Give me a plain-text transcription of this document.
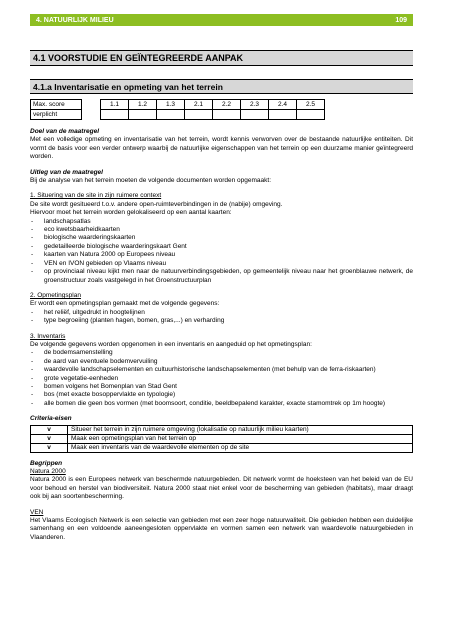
4. NATUURLIJK MILIEU	109
4.1 VOORSTUDIE EN GEÏNTEGREERDE AANPAK
4.1.a Inventarisatie en opmeting van het terrein
Max. score		1.1	1.2	1.3	2.1	2.2	2.3	2.4	2.5
verplicht									

Doel van de maatregel

Met een volledige opmeting en inventarisatie van het terrein, wordt kennis verworven over de bestaande natuurlijke entiteiten. Dit vormt de basis voor een verder ontwerp waarbij de natuurlijke eigenschappen van het terrein op een duurzame manier geïntegreerd worden.

Uitleg van de maatregel

Bij de analyse van het terrein moeten de volgende documenten worden opgemaakt:

1. Situering van de site in zijn ruimere context

De site wordt gesitueerd t.o.v. andere open-ruimteverbindingen in de (nabije) omgeving.

Hiervoor moet het terrein worden gelokaliseerd op een aantal kaarten:

- landschapsatlas
- eco kwetsbaarheidkaarten
- biologische waarderingskaarten
- gedetailleerde biologische waarderingskaart Gent
- kaarten van Natura 2000 op Europees niveau
- VEN en IVON gebieden op Vlaams niveau
- op provinciaal niveau kijkt men naar de natuurverbindingsgebieden, op gemeentelijk niveau naar het groenblauwe netwerk, de groenstructuur zoals vastgelegd in het Groenstructuurplan

2. Opmetingsplan

Er wordt een opmetingsplan gemaakt met de volgende gegevens:

- het reliëf, uitgedrukt in hoogtelijnen
- type begroeiing (planten hagen, bomen, gras,...) en verharding

3. Inventaris

De volgende gegevens worden opgenomen in een inventaris en aangeduid op het opmetingsplan:

- de bodemsamenstelling
- de aard van eventuele bodemvervuiling
- waardevolle landschapselementen en cultuurhistorische landschapselementen (met behulp van de ferra-riskaarten)
- grote vegetatie-eenheden
- bomen volgens het Bomenplan van Stad Gent
- bos (met exacte bosoppervlakte en typologie)
- alle bomen die geen bos vormen (met boomsoort, conditie, beeldbepalend karakter, exacte stamomtrek op 1m hoogte)

Criteria-eisen

v	Situeer het terrein in zijn ruimere omgeving (lokalisatie op natuurlijk milieu kaarten)
v	Maak een opmetingsplan van het terrein op
v	Maak een inventaris van de waardevolle elementen op de site

Begrippen

Natura 2000

Natura 2000 is een Europees netwerk van beschermde natuurgebieden. Dit netwerk vormt de hoeksteen van het beleid van de EU voor behoud en herstel van biodiversiteit. Natura 2000 staat niet enkel voor de bescherming van gebieden (habitats), maar draagt ook bij aan soortenbescherming.

VEN

Het Vlaams Ecologisch Netwerk is een selectie van gebieden met een zeer hoge natuurwaliteit. Die gebieden hebben een duidelijke samenhang en een voldoende aaneengesloten oppervlakte en vormen samen een netwerk van waardevolle natuurgebieden in Vlaanderen.
